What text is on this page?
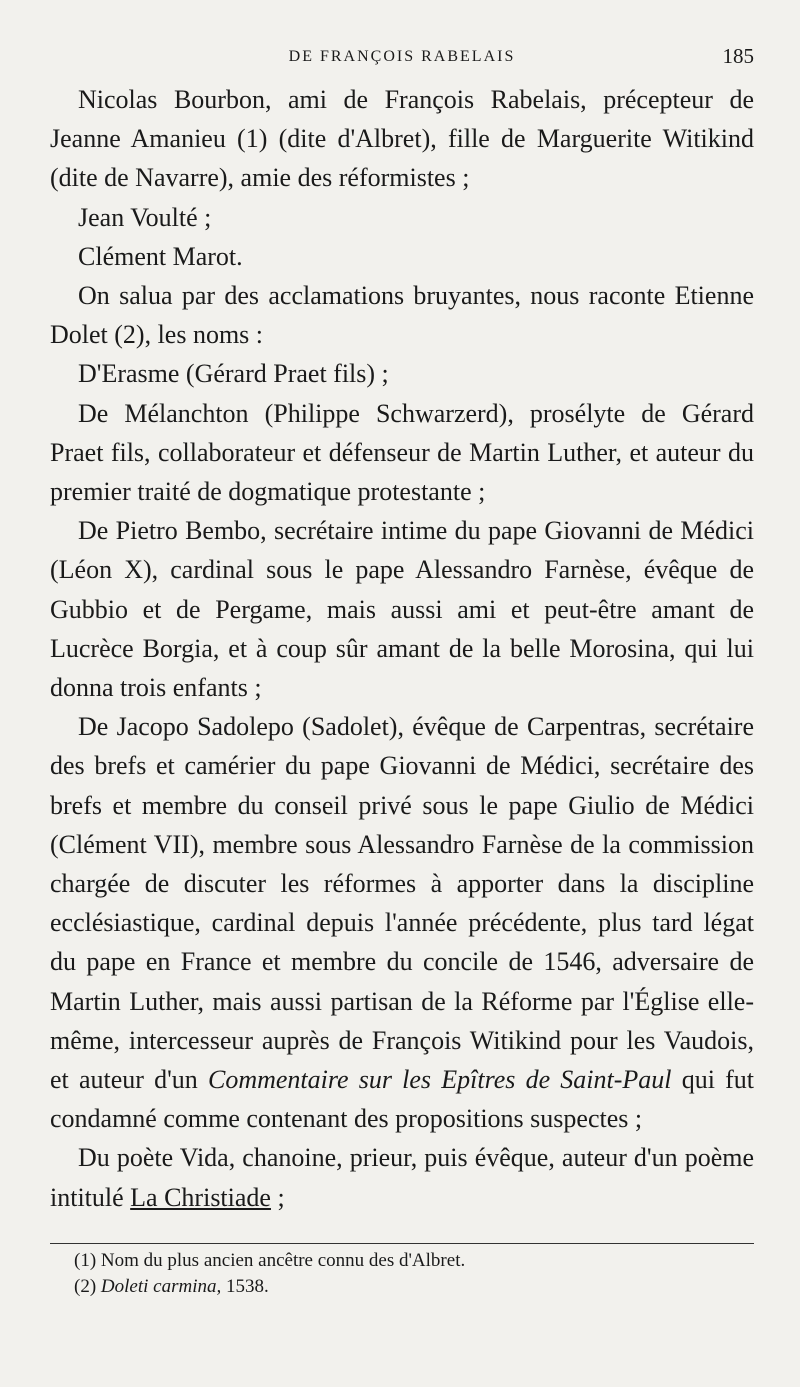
DE FRANÇOIS RABELAIS	185

Nicolas Bourbon, ami de François Rabelais, précepteur de Jeanne Amanieu (1) (dite d'Albret), fille de Marguerite Witikind (dite de Navarre), amie des réformistes ;

Jean Voulté ;

Clément Marot.

On salua par des acclamations bruyantes, nous raconte Etienne Dolet (2), les noms :

D'Erasme (Gérard Praet fils) ;

De Mélanchton (Philippe Schwarzerd), prosélyte de Gérard Praet fils, collaborateur et défenseur de Martin Luther, et auteur du premier traité de dogmatique protestante ;

De Pietro Bembo, secrétaire intime du pape Giovanni de Médici (Léon X), cardinal sous le pape Alessandro Farnèse, évêque de Gubbio et de Pergame, mais aussi ami et peut-être amant de Lucrèce Borgia, et à coup sûr amant de la belle Morosina, qui lui donna trois enfants ;

De Jacopo Sadolepo (Sadolet), évêque de Carpentras, secrétaire des brefs et camérier du pape Giovanni de Médici, secrétaire des brefs et membre du conseil privé sous le pape Giulio de Médici (Clément VII), membre sous Alessandro Farnèse de la commission chargée de discuter les réformes à apporter dans la discipline ecclésiastique, cardinal depuis l'année précédente, plus tard légat du pape en France et membre du concile de 1546, adversaire de Martin Luther, mais aussi partisan de la Réforme par l'Église elle-même, intercesseur auprès de François Witikind pour les Vaudois, et auteur d'un Commentaire sur les Epîtres de Saint-Paul qui fut condamné comme contenant des propositions suspectes ;

Du poète Vida, chanoine, prieur, puis évêque, auteur d'un poème intitulé La Christiade ;

(1) Nom du plus ancien ancêtre connu des d'Albret.

(2) Doleti carmina, 1538.
